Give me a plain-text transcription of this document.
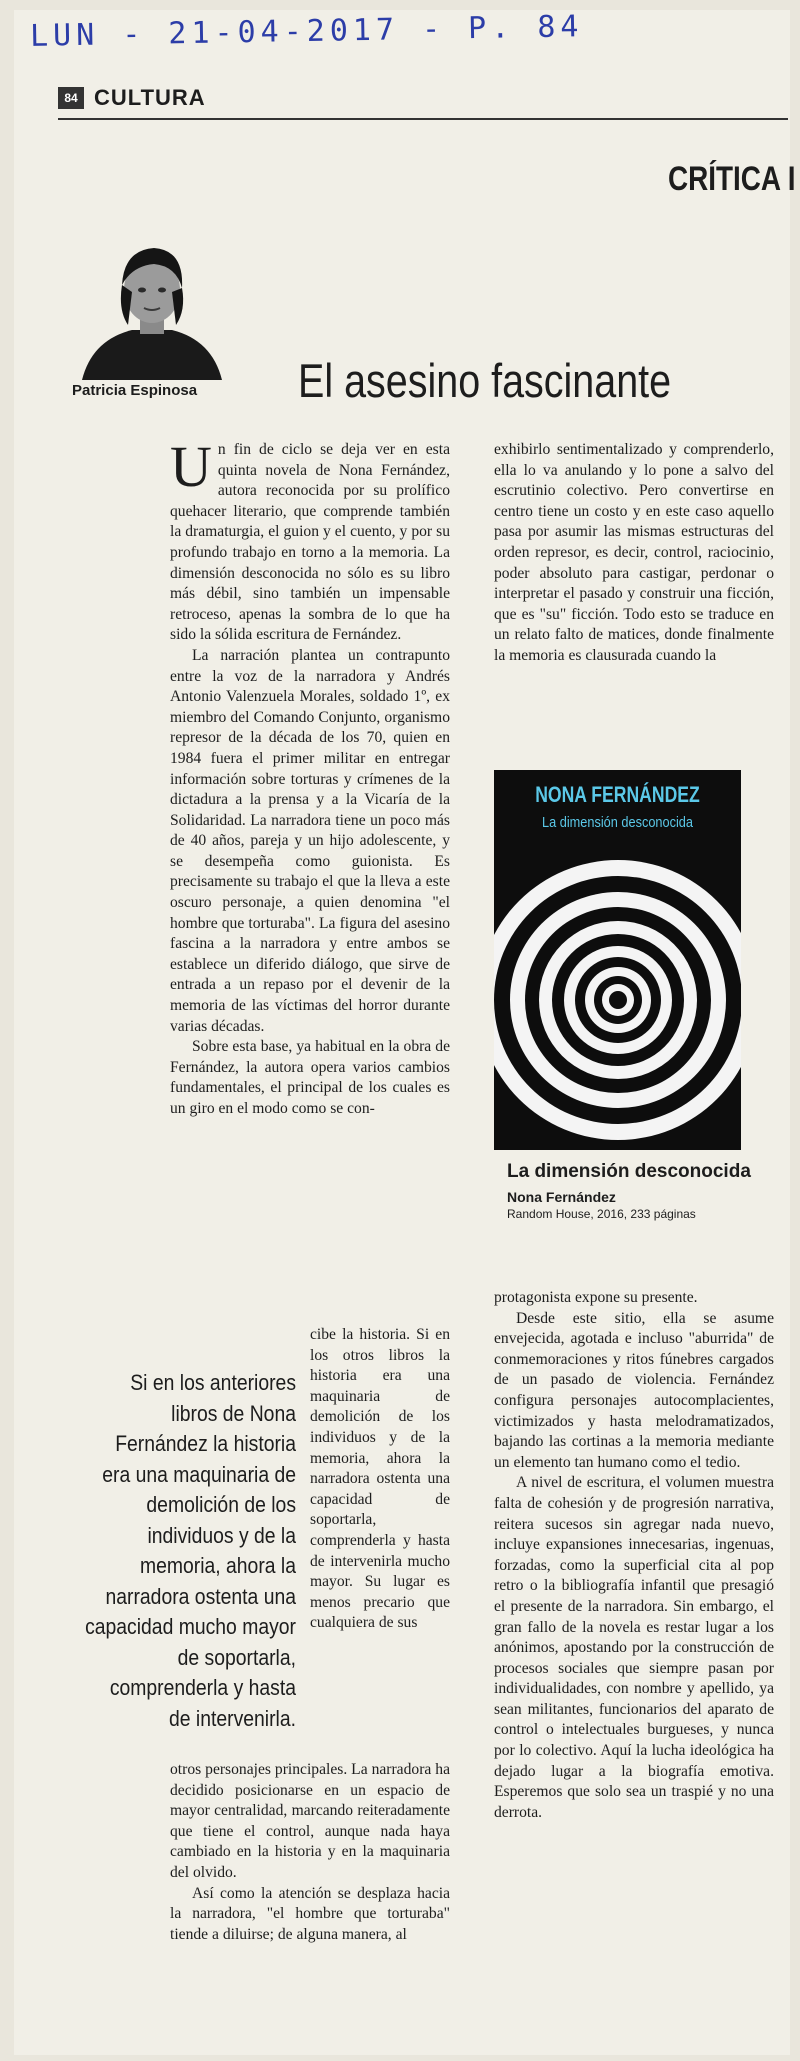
LUN - 21-04-2017 - P. 84
84 CULTURA
CRÍTICA I
Patricia Espinosa El asesino fascinante

Un fin de ciclo se deja ver en esta quinta novela de Nona Fernández, autora reconocida por su prolífico quehacer literario, que comprende también la dramaturgia, el guion y el cuento, y por su profundo trabajo en torno a la memoria. La dimensión desconocida no sólo es su libro más débil, sino también un impensable retroceso, apenas la sombra de lo que ha sido la sólida escritura de Fernández.

La narración plantea un contrapunto entre la voz de la narradora y Andrés Antonio Valenzuela Morales, soldado 1º, ex miembro del Comando Conjunto, organismo represor de la década de los 70, quien en 1984 fuera el primer militar en entregar información sobre torturas y crímenes de la dictadura a la prensa y a la Vicaría de la Solidaridad. La narradora tiene un poco más de 40 años, pareja y un hijo adolescente, y se desempeña como guionista. Es precisamente su trabajo el que la lleva a este oscuro personaje, a quien denomina "el hombre que torturaba". La figura del asesino fascina a la narradora y entre ambos se establece un diferido diálogo, que sirve de entrada a un repaso por el devenir de la memoria de las víctimas del horror durante varias décadas.

Sobre esta base, ya habitual en la obra de Fernández, la autora opera varios cambios fundamentales, el principal de los cuales es un giro en el modo como se con-

Si en los anteriores libros de Nona Fernández la historia era una maquinaria de demolición de los individuos y de la memoria, ahora la narradora ostenta una capacidad mucho mayor de soportarla, comprenderla y hasta de intervenirla.

cibe la historia. Si en los otros libros la historia era una maquinaria de demolición de los individuos y de la memoria, ahora la narradora ostenta una capacidad de soportarla, comprenderla y hasta de intervenirla mucho mayor. Su lugar es menos precario que cualquiera de sus

otros personajes principales. La narradora ha decidido posicionarse en un espacio de mayor centralidad, marcando reiteradamente que tiene el control, aunque nada haya cambiado en la historia y en la maquinaria del olvido.

Así como la atención se desplaza hacia la narradora, "el hombre que torturaba" tiende a diluirse; de alguna manera, al

exhibirlo sentimentalizado y comprenderlo, ella lo va anulando y lo pone a salvo del escrutinio colectivo. Pero convertirse en centro tiene un costo y en este caso aquello pasa por asumir las mismas estructuras del orden represor, es decir, control, raciocinio, poder absoluto para castigar, perdonar o interpretar el pasado y construir una ficción, que es "su" ficción. Todo esto se traduce en un relato falto de matices, donde finalmente la memoria es clausurada cuando la

NONA FERNÁNDEZ
La dimensión desconocida
La dimensión desconocida
Nona Fernández
Random House, 2016, 233 páginas

protagonista expone su presente.

Desde este sitio, ella se asume envejecida, agotada e incluso "aburrida" de conmemoraciones y ritos fúnebres cargados de un pasado de violencia. Fernández configura personajes autocomplacientes, victimizados y hasta melodramatizados, bajando las cortinas a la memoria mediante un elemento tan humano como el tedio.

A nivel de escritura, el volumen muestra falta de cohesión y de progresión narrativa, reitera sucesos sin agregar nada nuevo, incluye expansiones innecesarias, ingenuas, forzadas, como la superficial cita al pop retro o la bibliografía infantil que presagió el presente de la narradora. Sin embargo, el gran fallo de la novela es restar lugar a los anónimos, apostando por la construcción de procesos sociales que siempre pasan por individualidades, con nombre y apellido, ya sean militantes, funcionarios del aparato de control o intelectuales burgueses, y nunca por lo colectivo. Aquí la lucha ideológica ha dejado lugar a la biografía emotiva. Esperemos que solo sea un traspié y no una derrota.
